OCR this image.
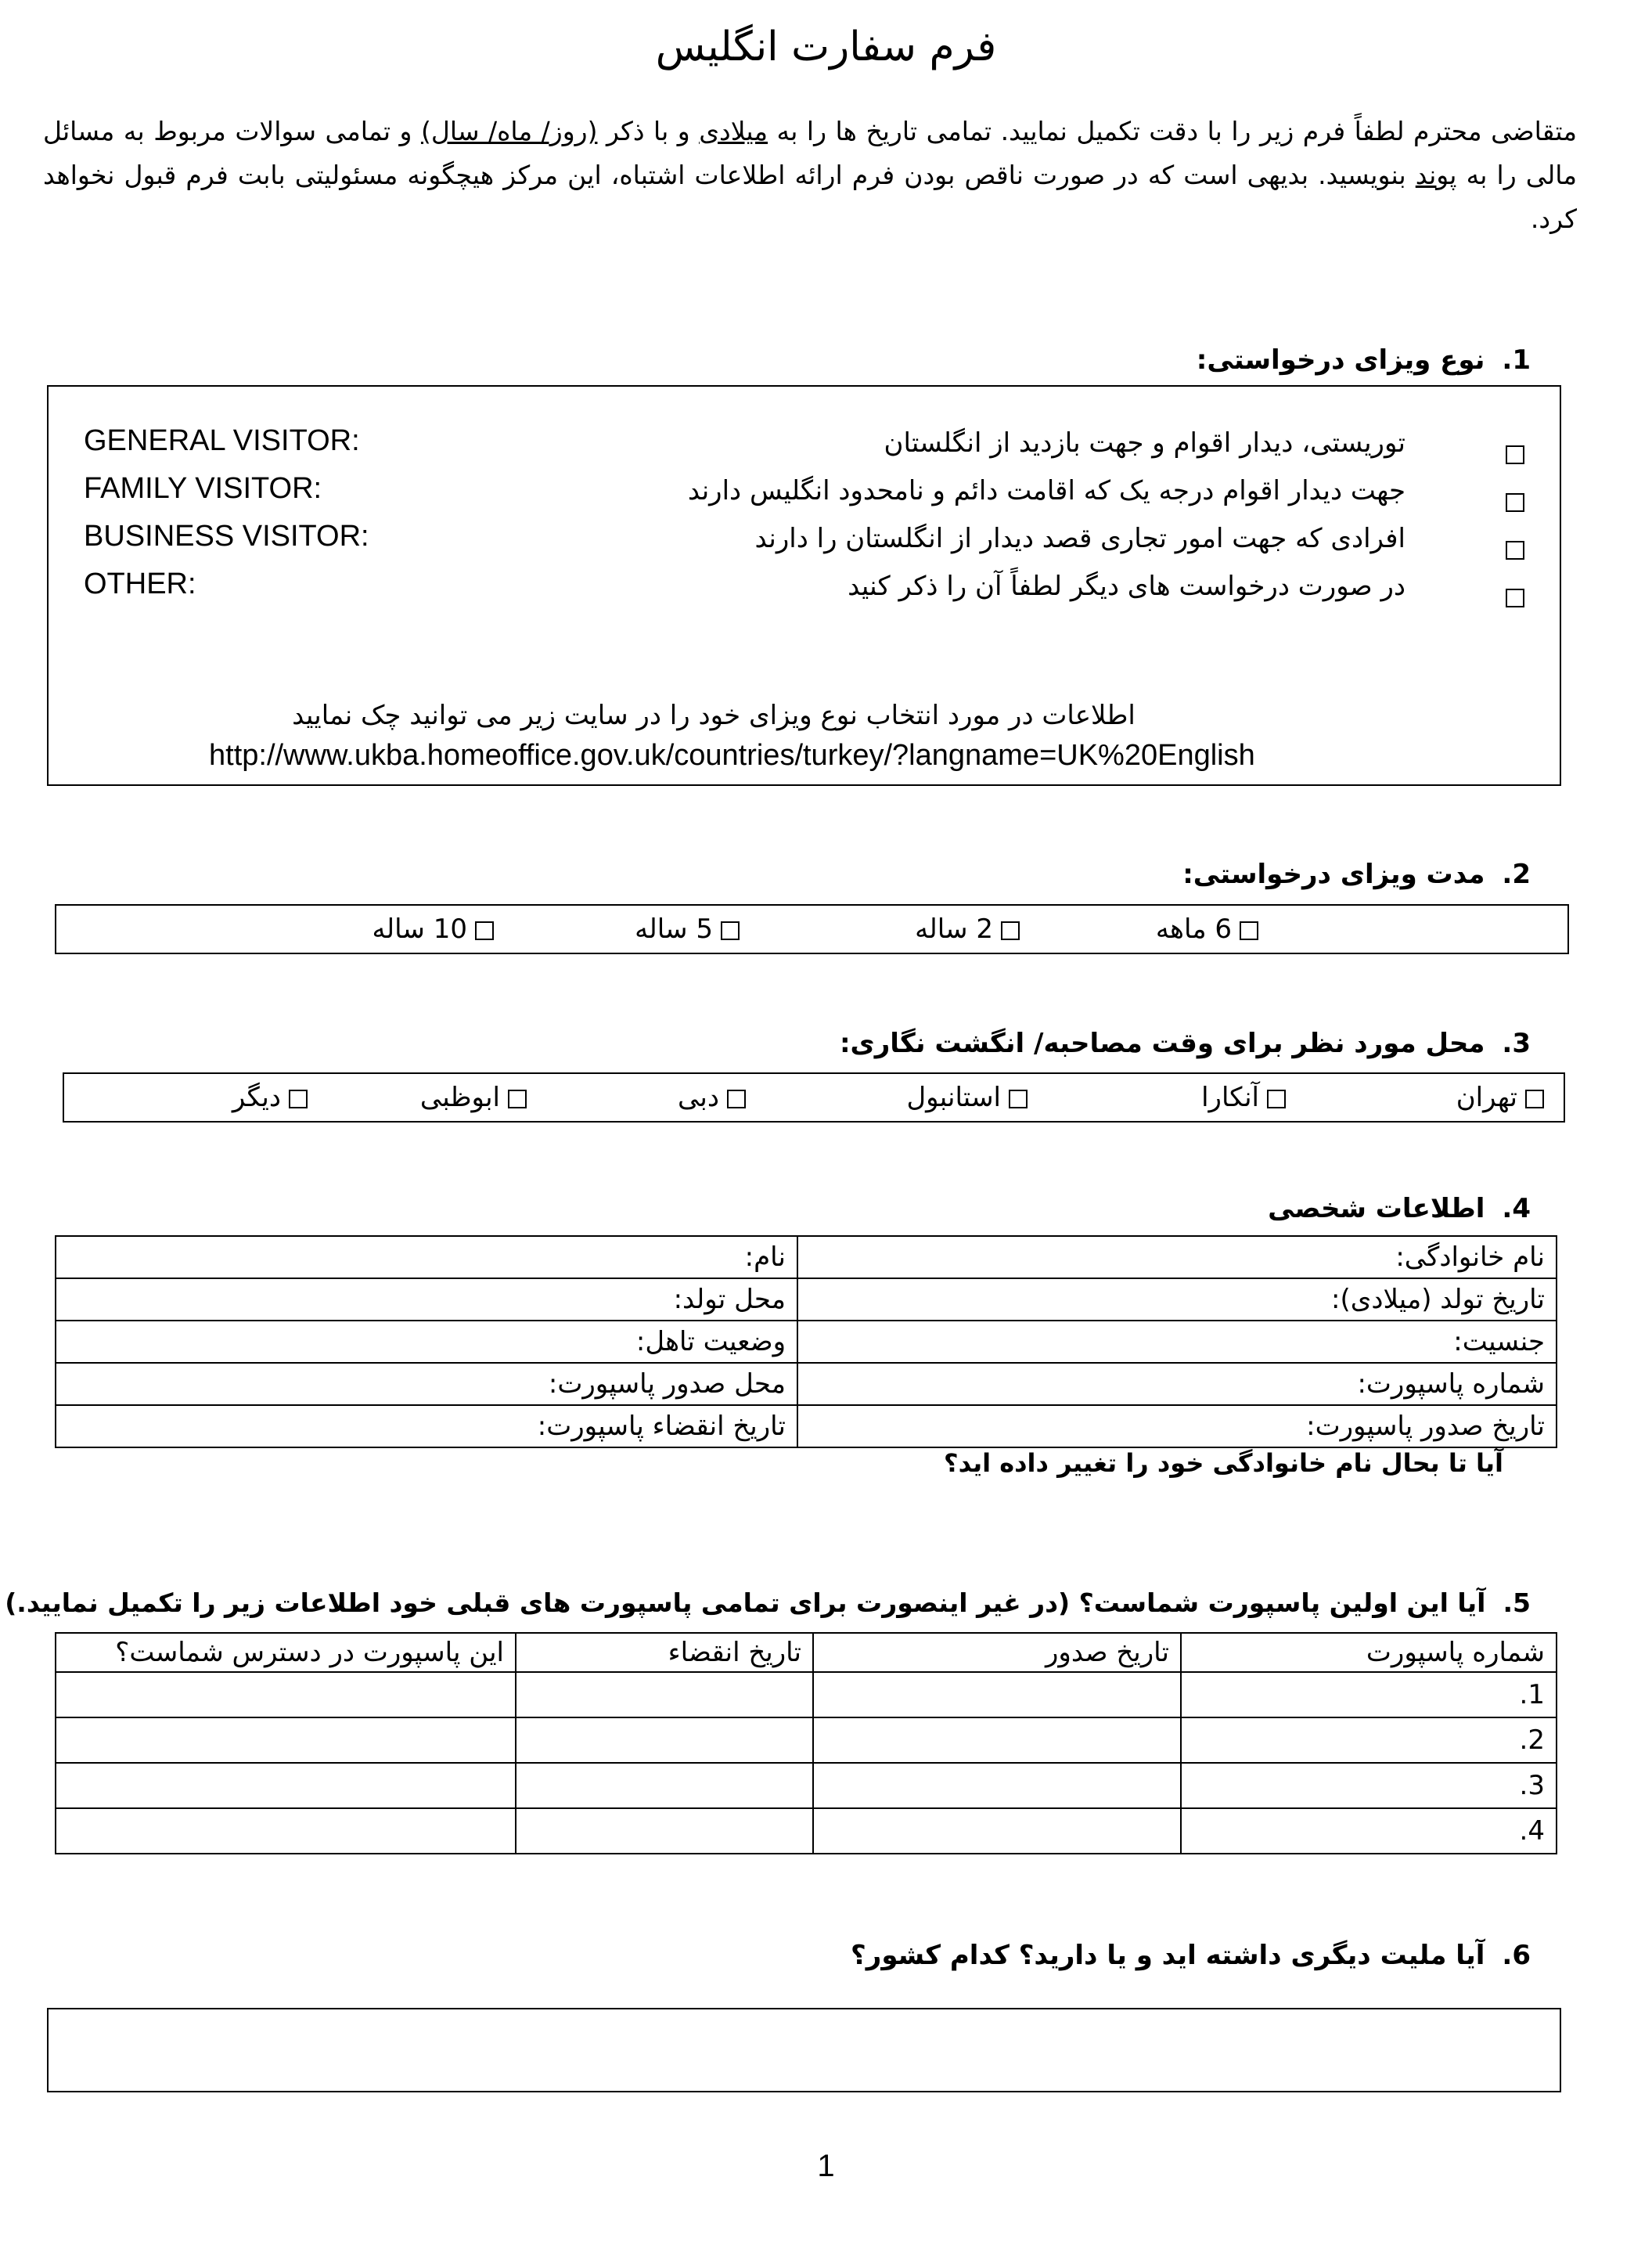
فرم سفارت انگلیس
متقاضی محترم لطفاً فرم زیر را با دقت تکمیل نمایید. تمامی تاریخ ها را به میلادی و با ذکر (روز/ ماه/ سال) و تمامی سوالات مربوط به مسائل مالی را به پوند بنویسید. بدیهی است که در صورت ناقص بودن فرم ارائه اطلاعات اشتباه، این مرکز هیچگونه مسئولیتی بابت فرم قبول نخواهد کرد.
1.نوع ویزای درخواستی:
GENERAL VISITOR:	توریستی، دیدار اقوام و جهت بازدید از انگلستان
FAMILY VISITOR:	جهت دیدار اقوام درجه یک که اقامت دائم و نامحدود انگلیس دارند
BUSINESS VISITOR:	افرادی که جهت امور تجاری قصد دیدار از انگلستان را دارند
OTHER:	در صورت درخواست های دیگر لطفاً آن را ذکر کنید
اطلاعات در مورد انتخاب نوع ویزای خود را در سایت زیر می توانید چک نمایید
http://www.ukba.homeoffice.gov.uk/countries/turkey/?langname=UK%20English
2.مدت ویزای درخواستی:
6 ماهه
2 ساله
5 ساله
10 ساله
3.محل مورد نظر برای وقت مصاحبه/ انگشت نگاری:
تهران
آنکارا
استانبول
دبی
ابوظبی
دیگر
4.اطلاعات شخصی
نام خانوادگی:	نام:
تاریخ تولد (میلادی):	محل تولد:
جنسیت:	وضعیت تاهل:
شماره پاسپورت:	محل صدور پاسپورت:
تاریخ صدور پاسپورت:	تاریخ انقضاء پاسپورت:
آیا تا بحال نام خانوادگی خود را تغییر داده اید؟
5.آیا این اولین پاسپورت شماست؟ (در غیر اینصورت برای تمامی پاسپورت های قبلی خود اطلاعات زیر را تکمیل نمایید.)
شماره پاسپورت	تاریخ صدور	تاریخ انقضاء	این پاسپورت در دسترس شماست؟
1.			
2.			
3.			
4.			
6.آیا ملیت دیگری داشته اید و یا دارید؟ کدام کشور؟
1
